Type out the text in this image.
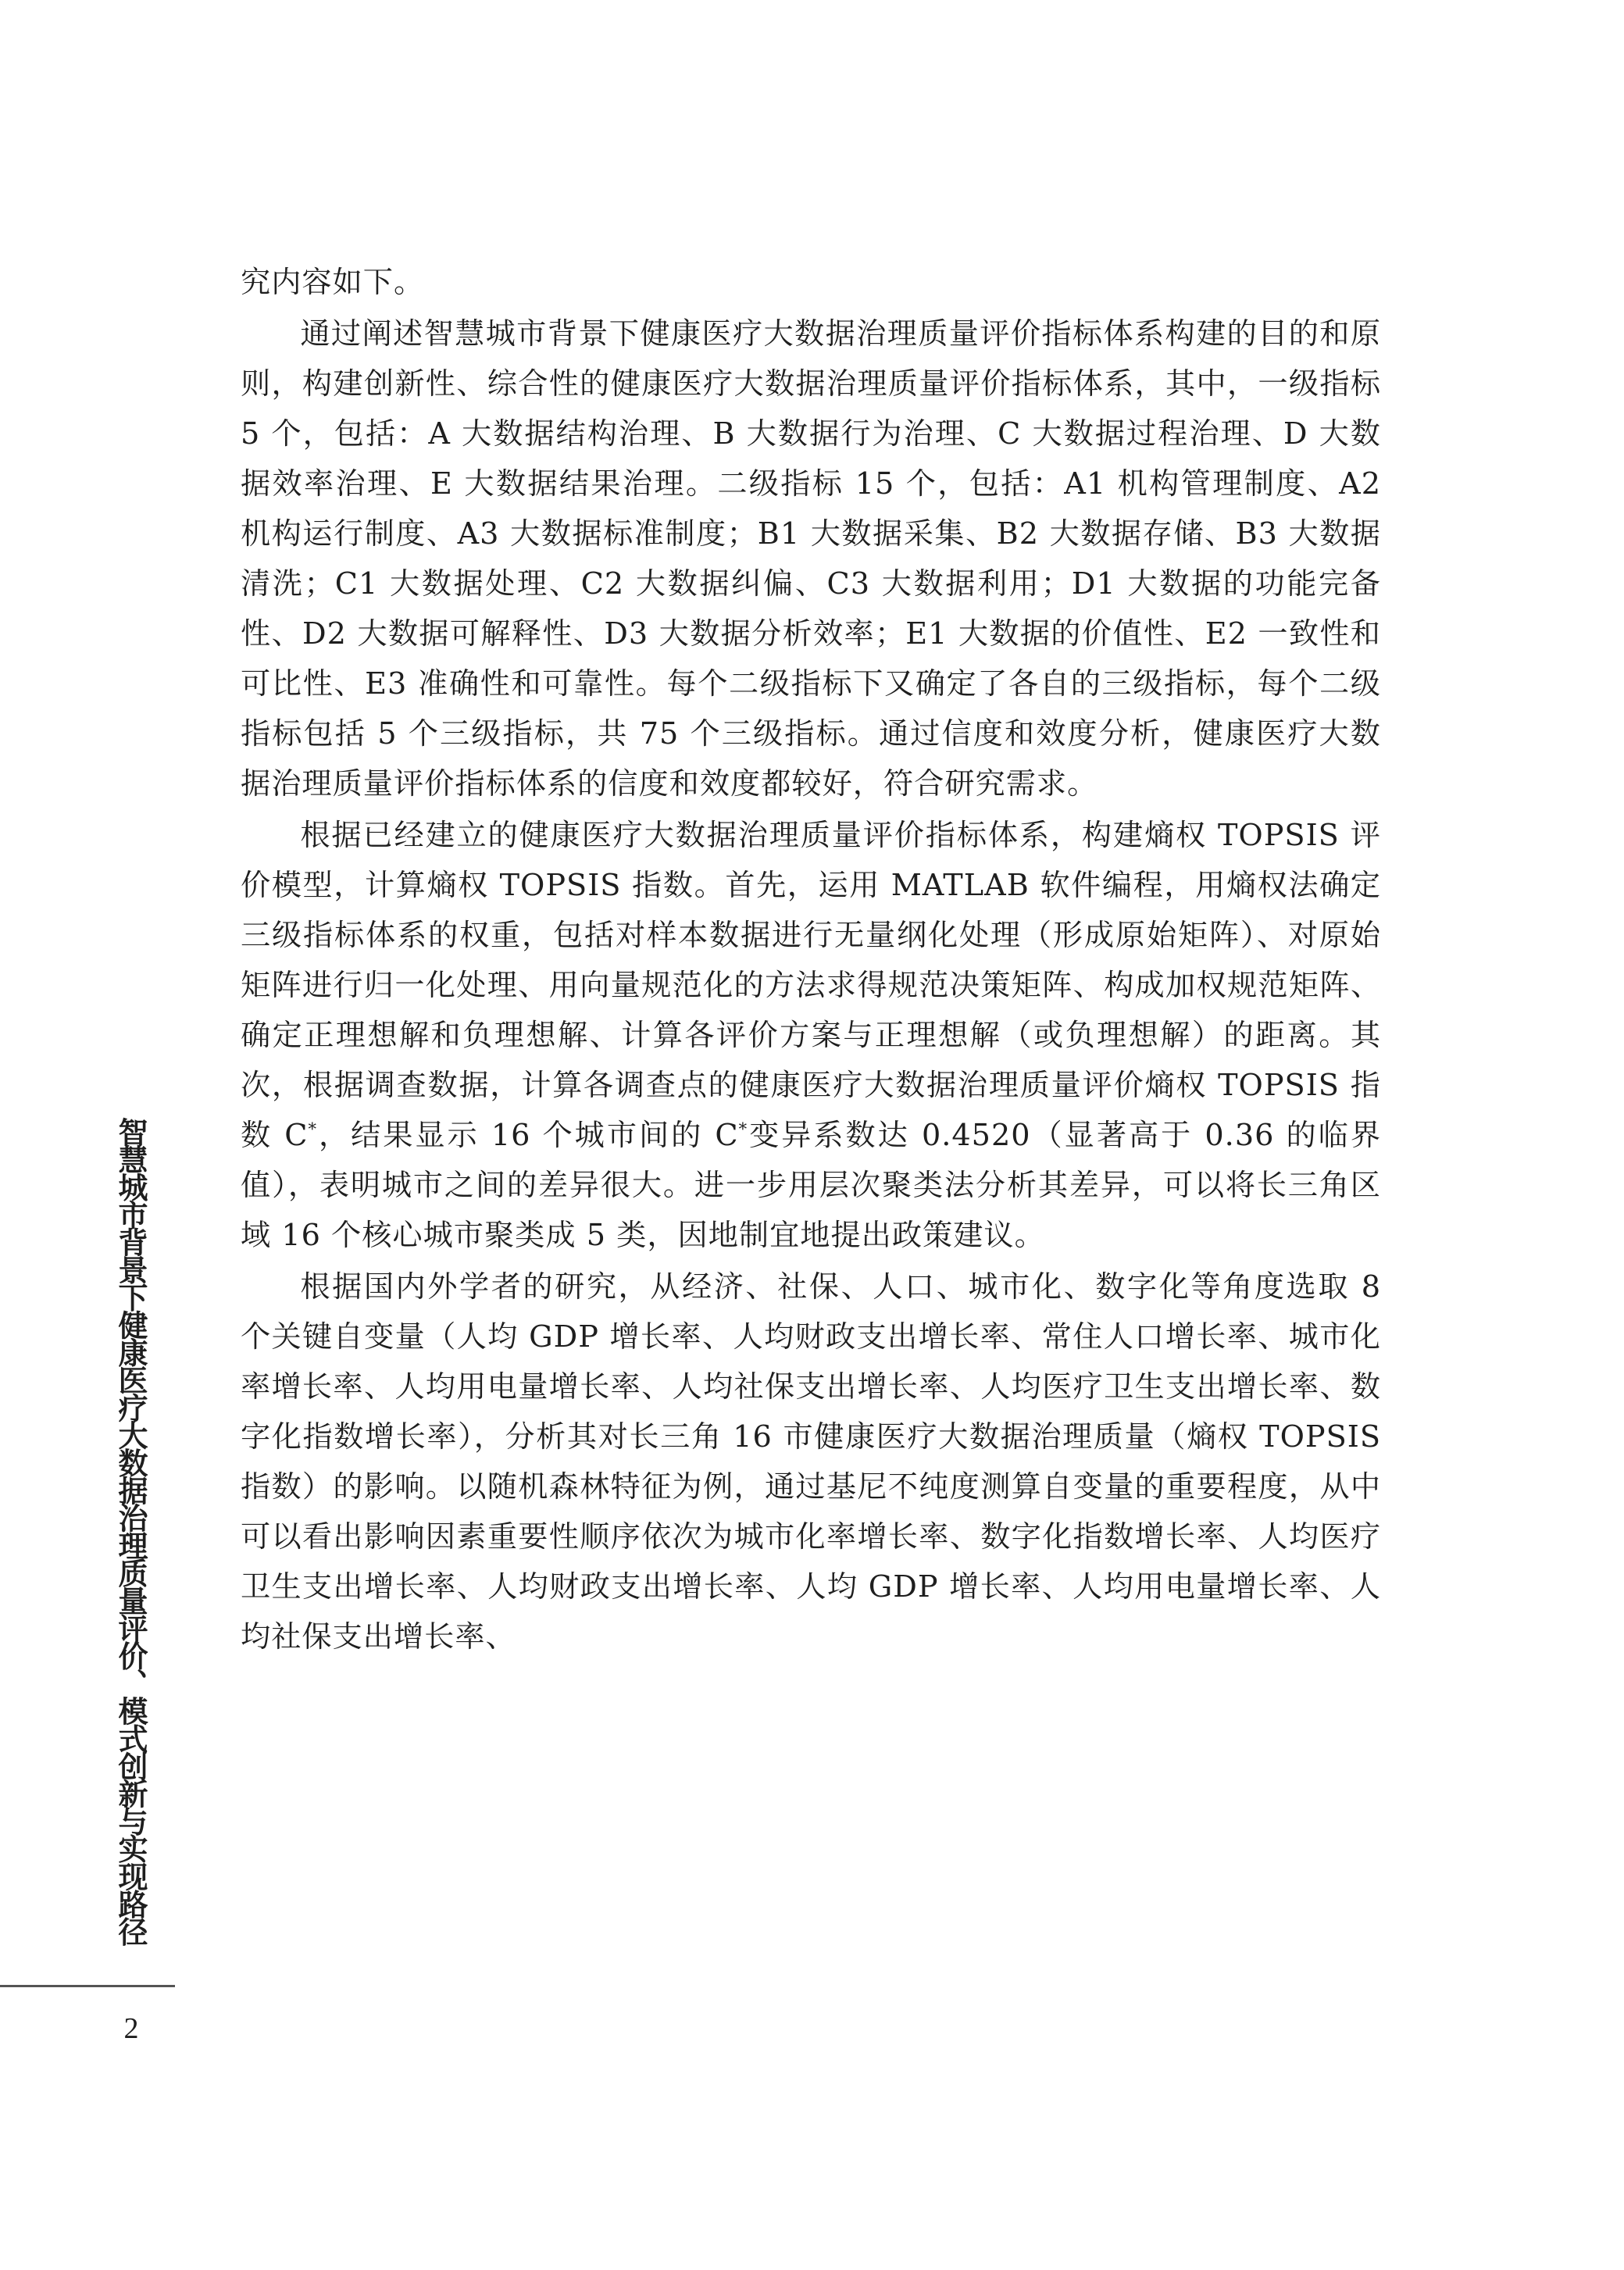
究内容如下。

通过阐述智慧城市背景下健康医疗大数据治理质量评价指标体系构建的目的和原则，构建创新性、综合性的健康医疗大数据治理质量评价指标体系，其中，一级指标 5 个，包括：A 大数据结构治理、B 大数据行为治理、C 大数据过程治理、D 大数据效率治理、E 大数据结果治理。二级指标 15 个，包括：A1 机构管理制度、A2 机构运行制度、A3 大数据标准制度；B1 大数据采集、B2 大数据存储、B3 大数据清洗；C1 大数据处理、C2 大数据纠偏、C3 大数据利用；D1 大数据的功能完备性、D2 大数据可解释性、D3 大数据分析效率；E1 大数据的价值性、E2 一致性和可比性、E3 准确性和可靠性。每个二级指标下又确定了各自的三级指标，每个二级指标包括 5 个三级指标，共 75 个三级指标。通过信度和效度分析，健康医疗大数据治理质量评价指标体系的信度和效度都较好，符合研究需求。

根据已经建立的健康医疗大数据治理质量评价指标体系，构建熵权 TOPSIS 评价模型，计算熵权 TOPSIS 指数。首先，运用 MATLAB 软件编程，用熵权法确定三级指标体系的权重，包括对样本数据进行无量纲化处理（形成原始矩阵）、对原始矩阵进行归一化处理、用向量规范化的方法求得规范决策矩阵、构成加权规范矩阵、确定正理想解和负理想解、计算各评价方案与正理想解（或负理想解）的距离。其次，根据调查数据，计算各调查点的健康医疗大数据治理质量评价熵权 TOPSIS 指数 C*，结果显示 16 个城市间的 C*变异系数达 0.4520（显著高于 0.36 的临界值），表明城市之间的差异很大。进一步用层次聚类法分析其差异，可以将长三角区域 16 个核心城市聚类成 5 类，因地制宜地提出政策建议。

根据国内外学者的研究，从经济、社保、人口、城市化、数字化等角度选取 8 个关键自变量（人均 GDP 增长率、人均财政支出增长率、常住人口增长率、城市化率增长率、人均用电量增长率、人均社保支出增长率、人均医疗卫生支出增长率、数字化指数增长率），分析其对长三角 16 市健康医疗大数据治理质量（熵权 TOPSIS 指数）的影响。以随机森林特征为例，通过基尼不纯度测算自变量的重要程度，从中可以看出影响因素重要性顺序依次为城市化率增长率、数字化指数增长率、人均医疗卫生支出增长率、人均财政支出增长率、人均 GDP 增长率、人均用电量增长率、人均社保支出增长率、

智慧城市背景下健康医疗大数据治理质量评价、模式创新与实现路径
2
